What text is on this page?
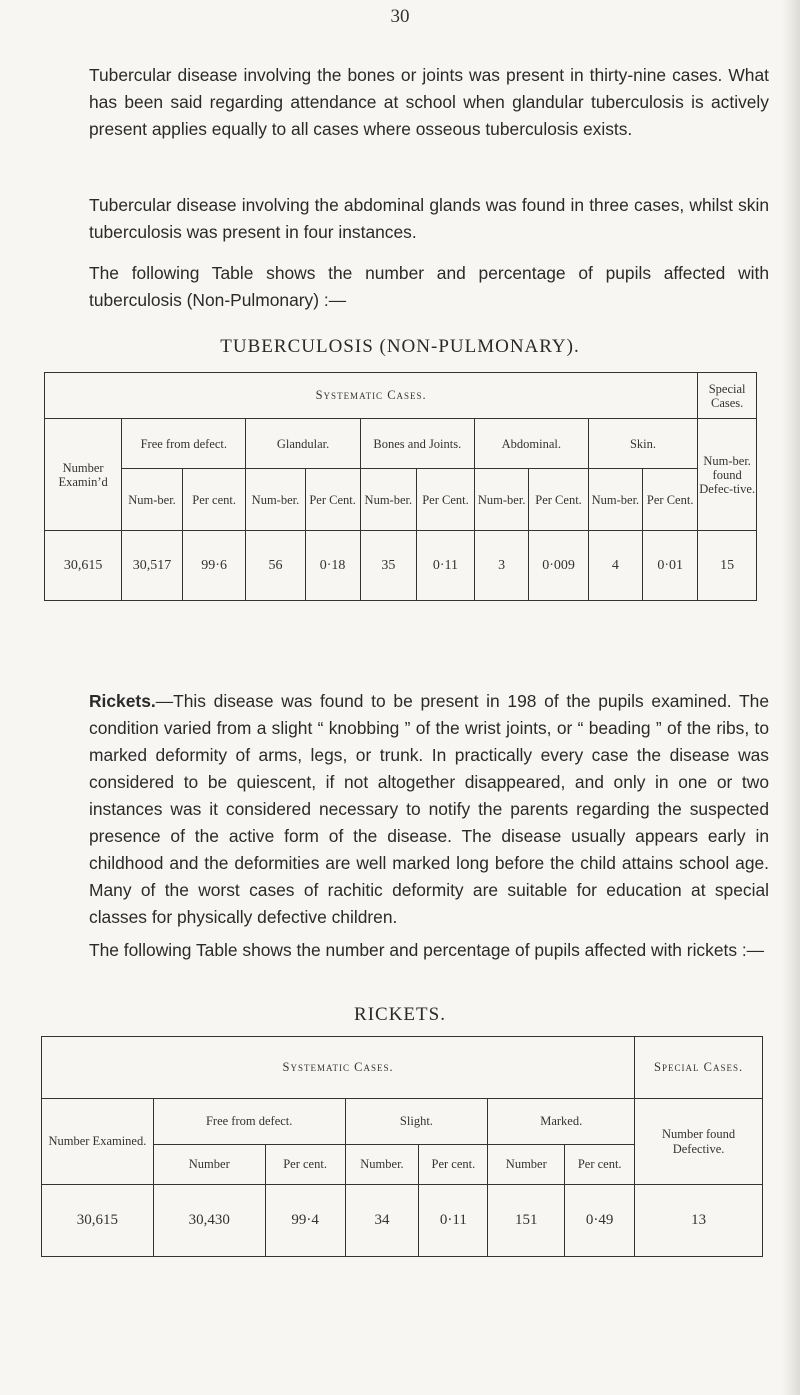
30

Tubercular disease involving the bones or joints was present in thirty-nine cases. What has been said regarding attendance at school when glandular tuberculosis is actively present applies equally to all cases where osseous tuberculosis exists.

Tubercular disease involving the abdominal glands was found in three cases, whilst skin tuberculosis was present in four instances.

The following Table shows the number and percentage of pupils affected with tuberculosis (Non-Pulmonary) :—

TUBERCULOSIS (NON-PULMONARY).
Systematic Cases.											Special Cases.
Number Examin’d	Free from defect.		Glandular.		Bones and Joints.		Abdominal.		Skin.		Num-ber. found Defec-tive.
	Num-ber.	Per cent.	Num-ber.	Per Cent.	Num-ber.	Per Cent.	Num-ber.	Per Cent.	Num-ber.	Per Cent.	
30,615	30,517	99·6	56	0·18	35	0·11	3	0·009	4	0·01	15

Rickets.—This disease was found to be present in 198 of the pupils examined. The condition varied from a slight “ knobbing ” of the wrist joints, or “ beading ” of the ribs, to marked deformity of arms, legs, or trunk. In practically every case the disease was considered to be quiescent, if not altogether disappeared, and only in one or two instances was it considered necessary to notify the parents regarding the suspected presence of the active form of the disease. The disease usually appears early in childhood and the deformities are well marked long before the child attains school age. Many of the worst cases of rachitic deformity are suitable for education at special classes for physically defective children.

The following Table shows the number and percentage of pupils affected with rickets :—

RICKETS.
Systematic Cases.							Special Cases.
Number Examined.	Free from defect.		Slight.		Marked.		Number found Defective.
	Number	Per cent.	Number.	Per cent.	Number	Per cent.	
30,615	30,430	99·4	34	0·11	151	0·49	13
